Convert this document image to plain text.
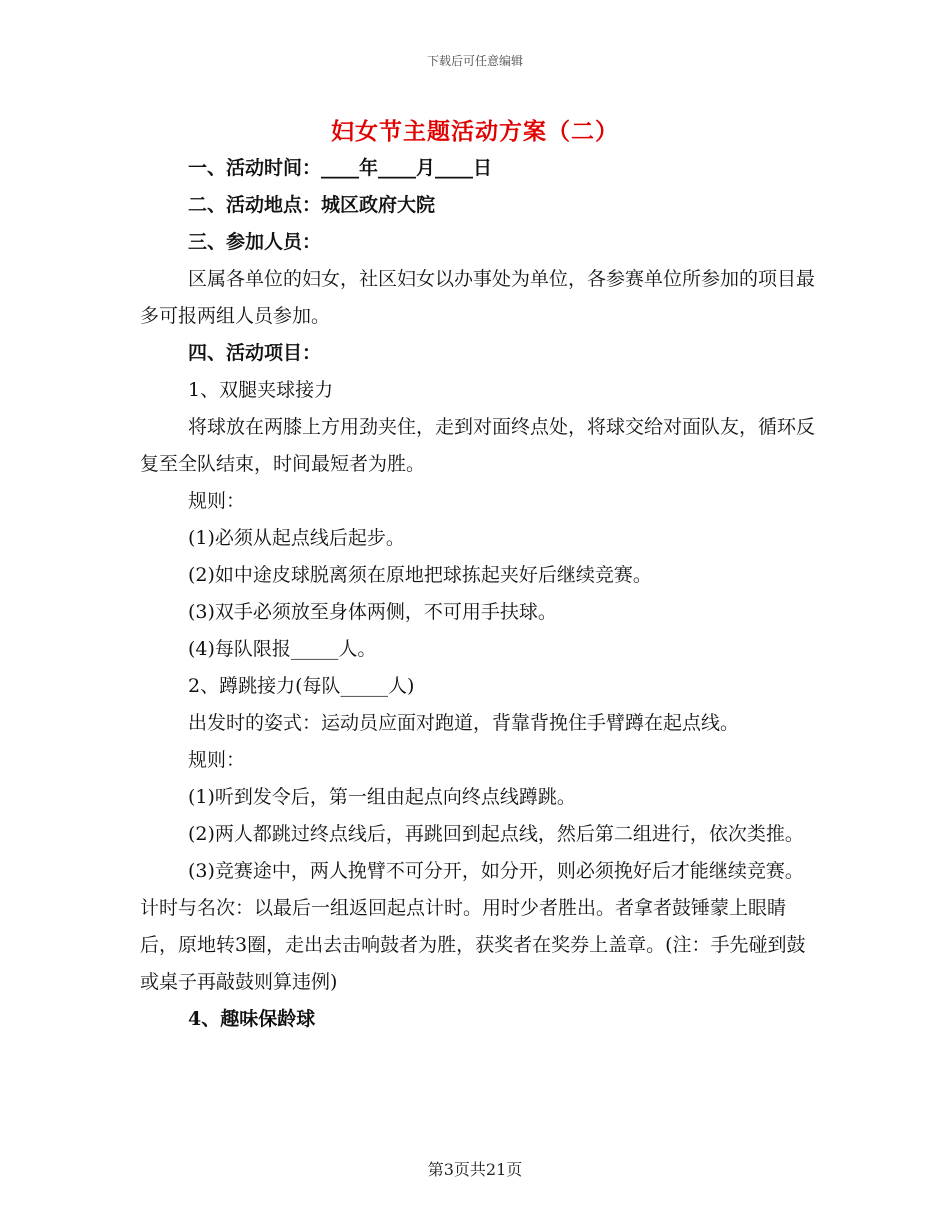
下载后可任意编辑
妇女节主题活动方案（二）

一、活动时间：____年____月____日

二、活动地点：城区政府大院

三、参加人员：

区属各单位的妇女，社区妇女以办事处为单位，各参赛单位所参加的项目最多可报两组人员参加。

四、活动项目：

1、双腿夹球接力

将球放在两膝上方用劲夹住，走到对面终点处，将球交给对面队友，循环反复至全队结束，时间最短者为胜。

规则：

(1)必须从起点线后起步。

(2)如中途皮球脱离须在原地把球拣起夹好后继续竞赛。

(3)双手必须放至身体两侧，不可用手扶球。

(4)每队限报_____人。

2、蹲跳接力(每队_____人)

出发时的姿式：运动员应面对跑道，背靠背挽住手臂蹲在起点线。

规则：

(1)听到发令后，第一组由起点向终点线蹲跳。

(2)两人都跳过终点线后，再跳回到起点线，然后第二组进行，依次类推。

(3)竞赛途中，两人挽臂不可分开，如分开，则必须挽好后才能继续竞赛。计时与名次：以最后一组返回起点计时。用时少者胜出。者拿者鼓锤蒙上眼睛后，原地转3圈，走出去击响鼓者为胜，获奖者在奖券上盖章。(注：手先碰到鼓或桌子再敲鼓则算违例)

4、趣味保龄球

第3页共21页
